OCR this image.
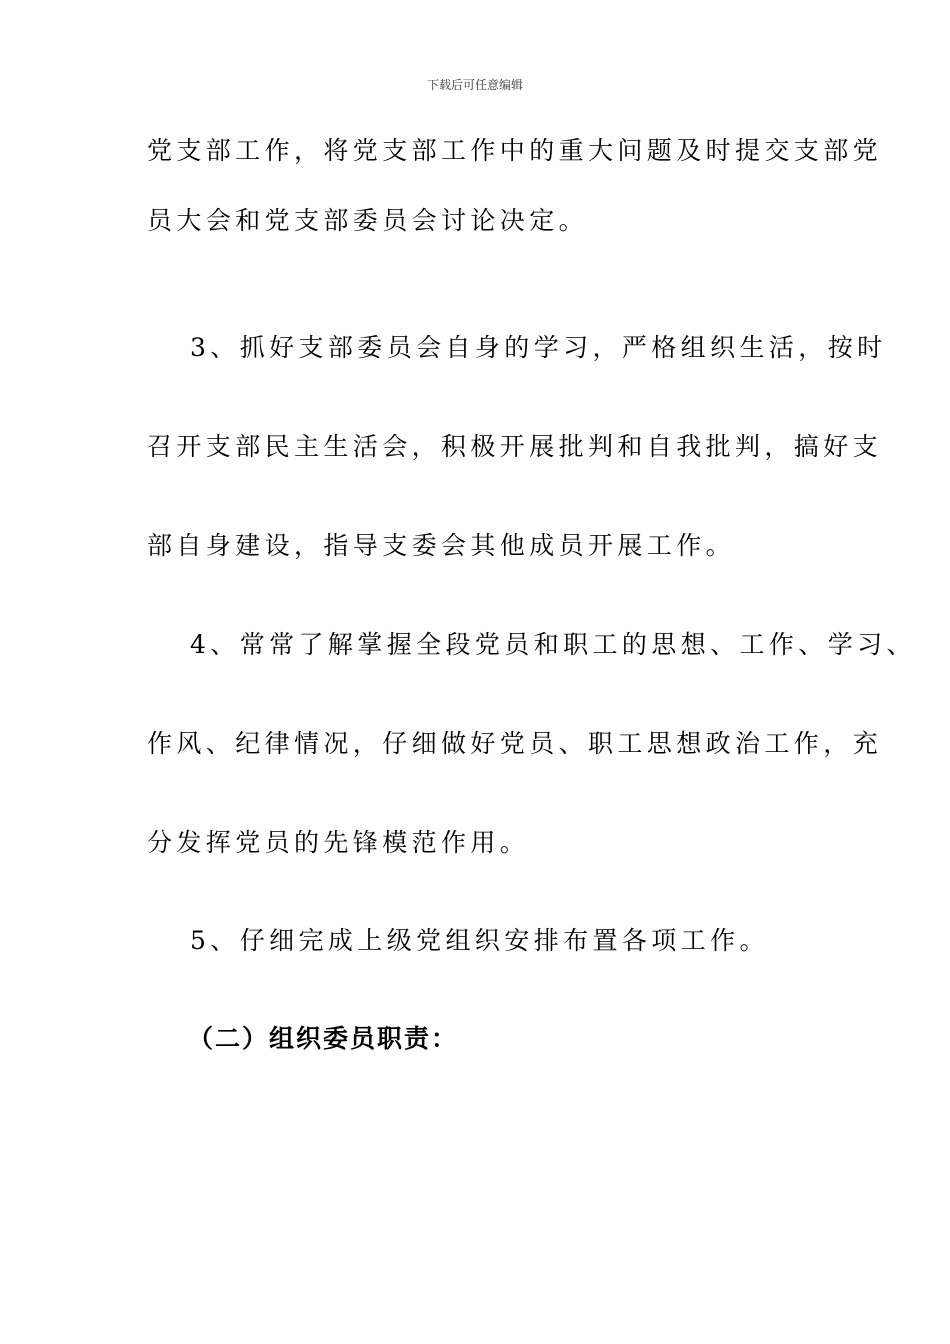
下载后可任意编辑
党支部工作，将党支部工作中的重大问题及时提交支部党
员大会和党支部委员会讨论决定。
3、抓好支部委员会自身的学习，严格组织生活，按时
召开支部民主生活会，积极开展批判和自我批判，搞好支
部自身建设，指导支委会其他成员开展工作。
4、常常了解掌握全段党员和职工的思想、工作、学习、
作风、纪律情况，仔细做好党员、职工思想政治工作，充
分发挥党员的先锋模范作用。
5、仔细完成上级党组织安排布置各项工作。
（二）组织委员职责：
